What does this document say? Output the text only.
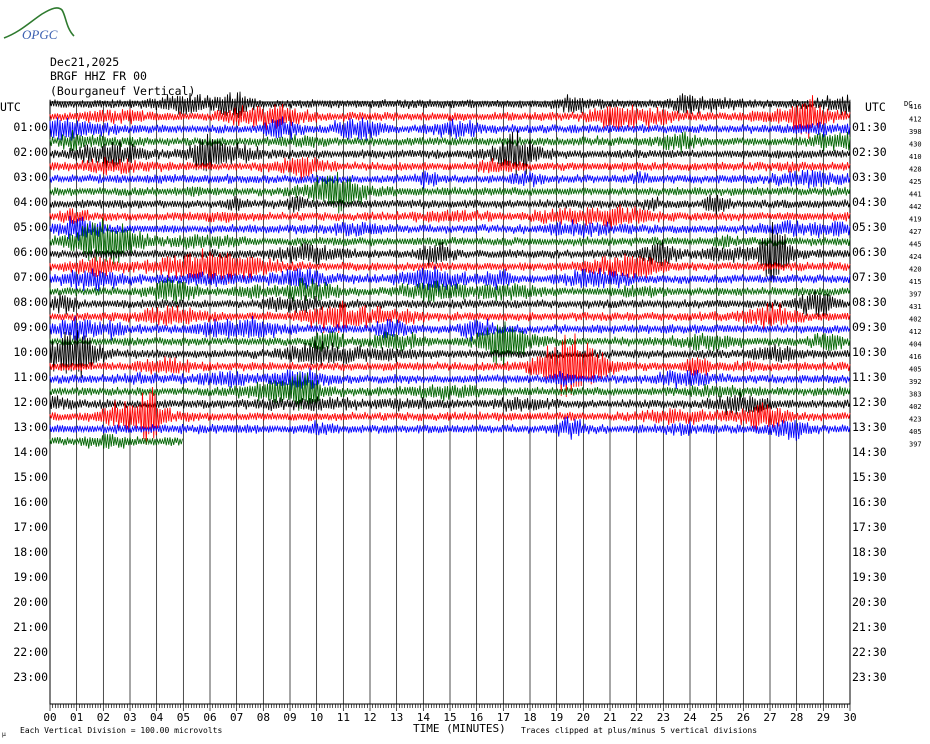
OPGC
Dec21,2025
BRGF HHZ FR 00
(Bourganeuf Vertical)
UTC	UTC	DC
01:00
02:00
03:00
04:00
05:00
06:00
07:00
08:00
09:00
10:00
11:00
12:00
13:00
14:00
15:00
16:00
17:00
18:00
19:00
20:00
21:00
22:00
23:00
01:30
02:30
03:30
04:30
05:30
06:30
07:30
08:30
09:30
10:30
11:30
12:30
13:30
14:30
15:30
16:30
17:30
18:30
19:30
20:30
21:30
22:30
23:30
416
412
398
430
410
428
425
441
442
419
427
445
424
420
415
397
431
402
412
404
416
405
392
383
402
423
405
397
00 01 02 03 04 05 06 07 08 09 10 11 12 13 14 15 16 17 18 19 20 21 22 23 24 25 26 27 28 29 30
TIME (MINUTES)
µ Each Vertical Division = 100.00 microvolts	Traces clipped at plus/minus 5 vertical divisions
